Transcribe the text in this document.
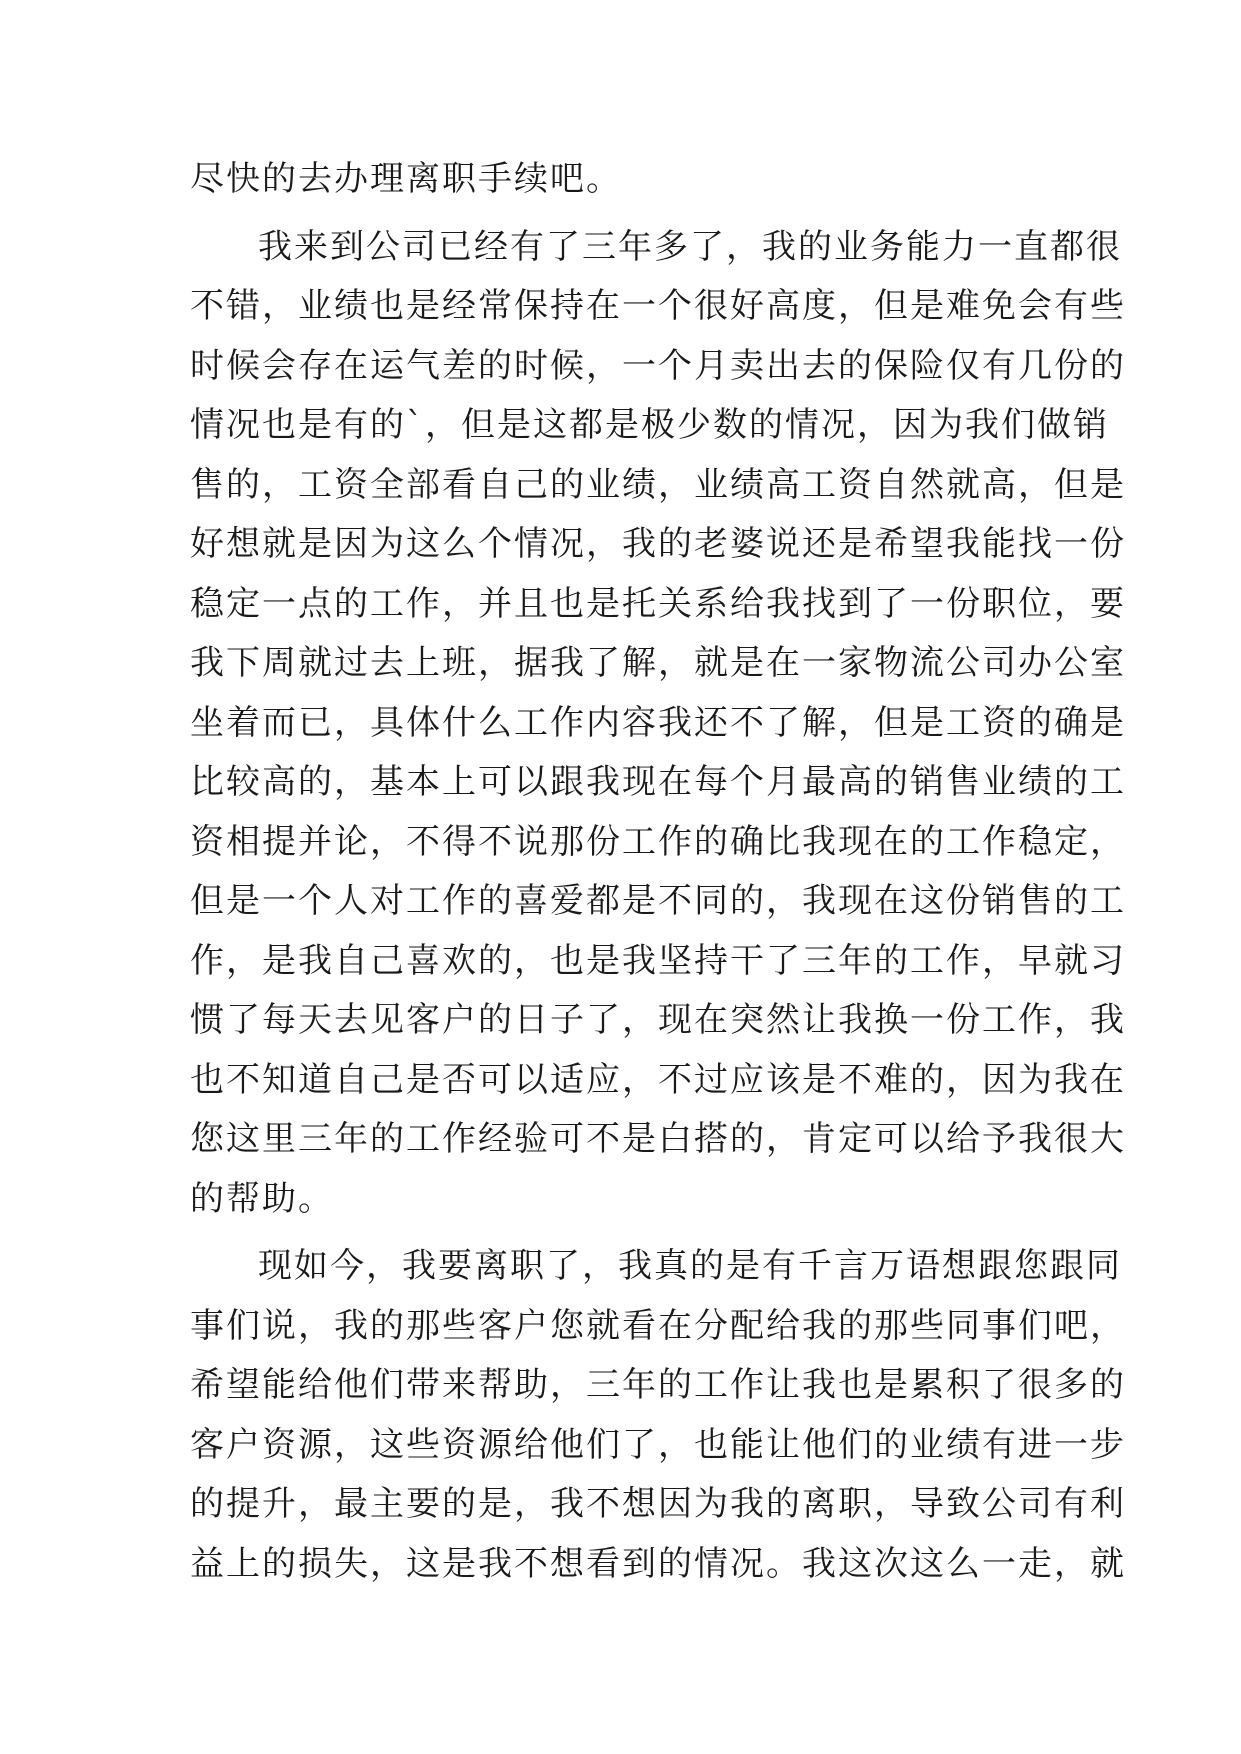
尽快的去办理离职手续吧。
我来到公司已经有了三年多了，我的业务能力一直都很
不错，业绩也是经常保持在一个很好高度，但是难免会有些
时候会存在运气差的时候，一个月卖出去的保险仅有几份的
情况也是有的`，但是这都是极少数的情况，因为我们做销
售的，工资全部看自己的业绩，业绩高工资自然就高，但是
好想就是因为这么个情况，我的老婆说还是希望我能找一份
稳定一点的工作，并且也是托关系给我找到了一份职位，要
我下周就过去上班，据我了解，就是在一家物流公司办公室
坐着而已，具体什么工作内容我还不了解，但是工资的确是
比较高的，基本上可以跟我现在每个月最高的销售业绩的工
资相提并论，不得不说那份工作的确比我现在的工作稳定，
但是一个人对工作的喜爱都是不同的，我现在这份销售的工
作，是我自己喜欢的，也是我坚持干了三年的工作，早就习
惯了每天去见客户的日子了，现在突然让我换一份工作，我
也不知道自己是否可以适应，不过应该是不难的，因为我在
您这里三年的工作经验可不是白搭的，肯定可以给予我很大
的帮助。
现如今，我要离职了，我真的是有千言万语想跟您跟同
事们说，我的那些客户您就看在分配给我的那些同事们吧，
希望能给他们带来帮助，三年的工作让我也是累积了很多的
客户资源，这些资源给他们了，也能让他们的业绩有进一步
的提升，最主要的是，我不想因为我的离职，导致公司有利
益上的损失，这是我不想看到的情况。我这次这么一走，就
